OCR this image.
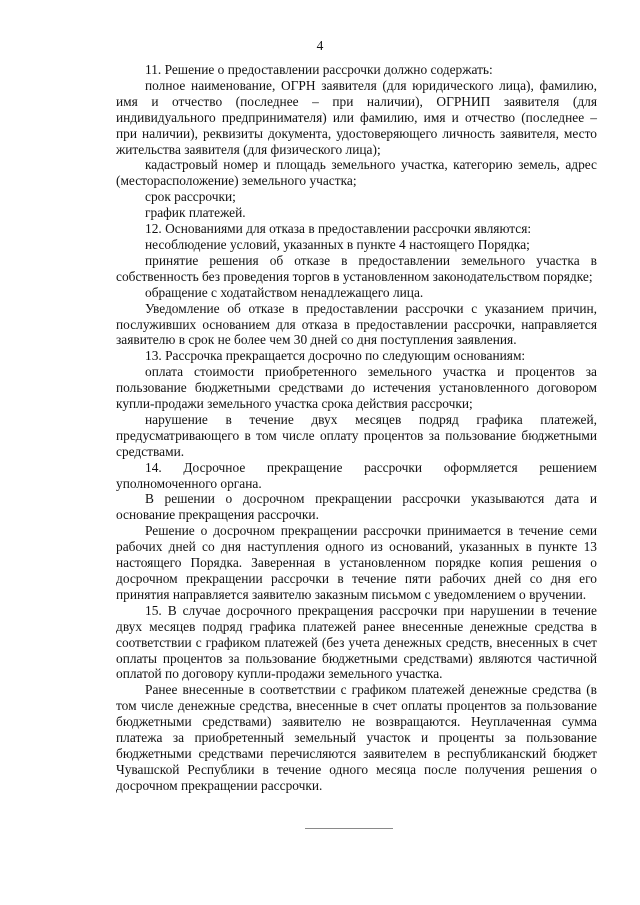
4

11. Решение о предоставлении рассрочки должно содержать:

полное наименование, ОГРН заявителя (для юридического лица), фамилию, имя и отчество (последнее – при наличии), ОГРНИП заявителя (для индивидуального предпринимателя) или фамилию, имя и отчество (последнее – при наличии), реквизиты документа, удостоверяющего личность заявителя, место жительства заявителя (для физического лица);

кадастровый номер и площадь земельного участка, категорию земель, адрес (месторасположение) земельного участка;

срок рассрочки;

график платежей.

12. Основаниями для отказа в предоставлении рассрочки являются:

несоблюдение условий, указанных в пункте 4 настоящего Порядка;

принятие решения об отказе в предоставлении земельного участка в собственность без проведения торгов в установленном законодательством порядке;

обращение с ходатайством ненадлежащего лица.

Уведомление об отказе в предоставлении рассрочки с указанием причин, послуживших основанием для отказа в предоставлении рассрочки, направляется заявителю в срок не более чем 30 дней со дня поступления заявления.

13. Рассрочка прекращается досрочно по следующим основаниям:

оплата стоимости приобретенного земельного участка и процентов за пользование бюджетными средствами до истечения установленного договором купли-продажи земельного участка срока действия рассрочки;

нарушение в течение двух месяцев подряд графика платежей, предусматривающего в том числе оплату процентов за пользование бюджетными средствами.

14. Досрочное прекращение рассрочки оформляется решением уполномоченного органа.

В решении о досрочном прекращении рассрочки указываются дата и основание прекращения рассрочки.

Решение о досрочном прекращении рассрочки принимается в течение семи рабочих дней со дня наступления одного из оснований, указанных в пункте 13 настоящего Порядка. Заверенная в установленном порядке копия решения о досрочном прекращении рассрочки в течение пяти рабочих дней со дня его принятия направляется заявителю заказным письмом с уведомлением о вручении.

15. В случае досрочного прекращения рассрочки при нарушении в течение двух месяцев подряд графика платежей ранее внесенные денежные средства в соответствии с графиком платежей (без учета денежных средств, внесенных в счет оплаты процентов за пользование бюджетными средствами) являются частичной оплатой по договору купли-продажи земельного участка.

Ранее внесенные в соответствии с графиком платежей денежные средства (в том числе денежные средства, внесенные в счет оплаты процентов за пользование бюджетными средствами) заявителю не возвращаются. Неуплаченная сумма платежа за приобретенный земельный участок и проценты за пользование бюджетными средствами перечисляются заявителем в республиканский бюджет Чувашской Республики в течение одного месяца после получения решения о досрочном прекращении рассрочки.
